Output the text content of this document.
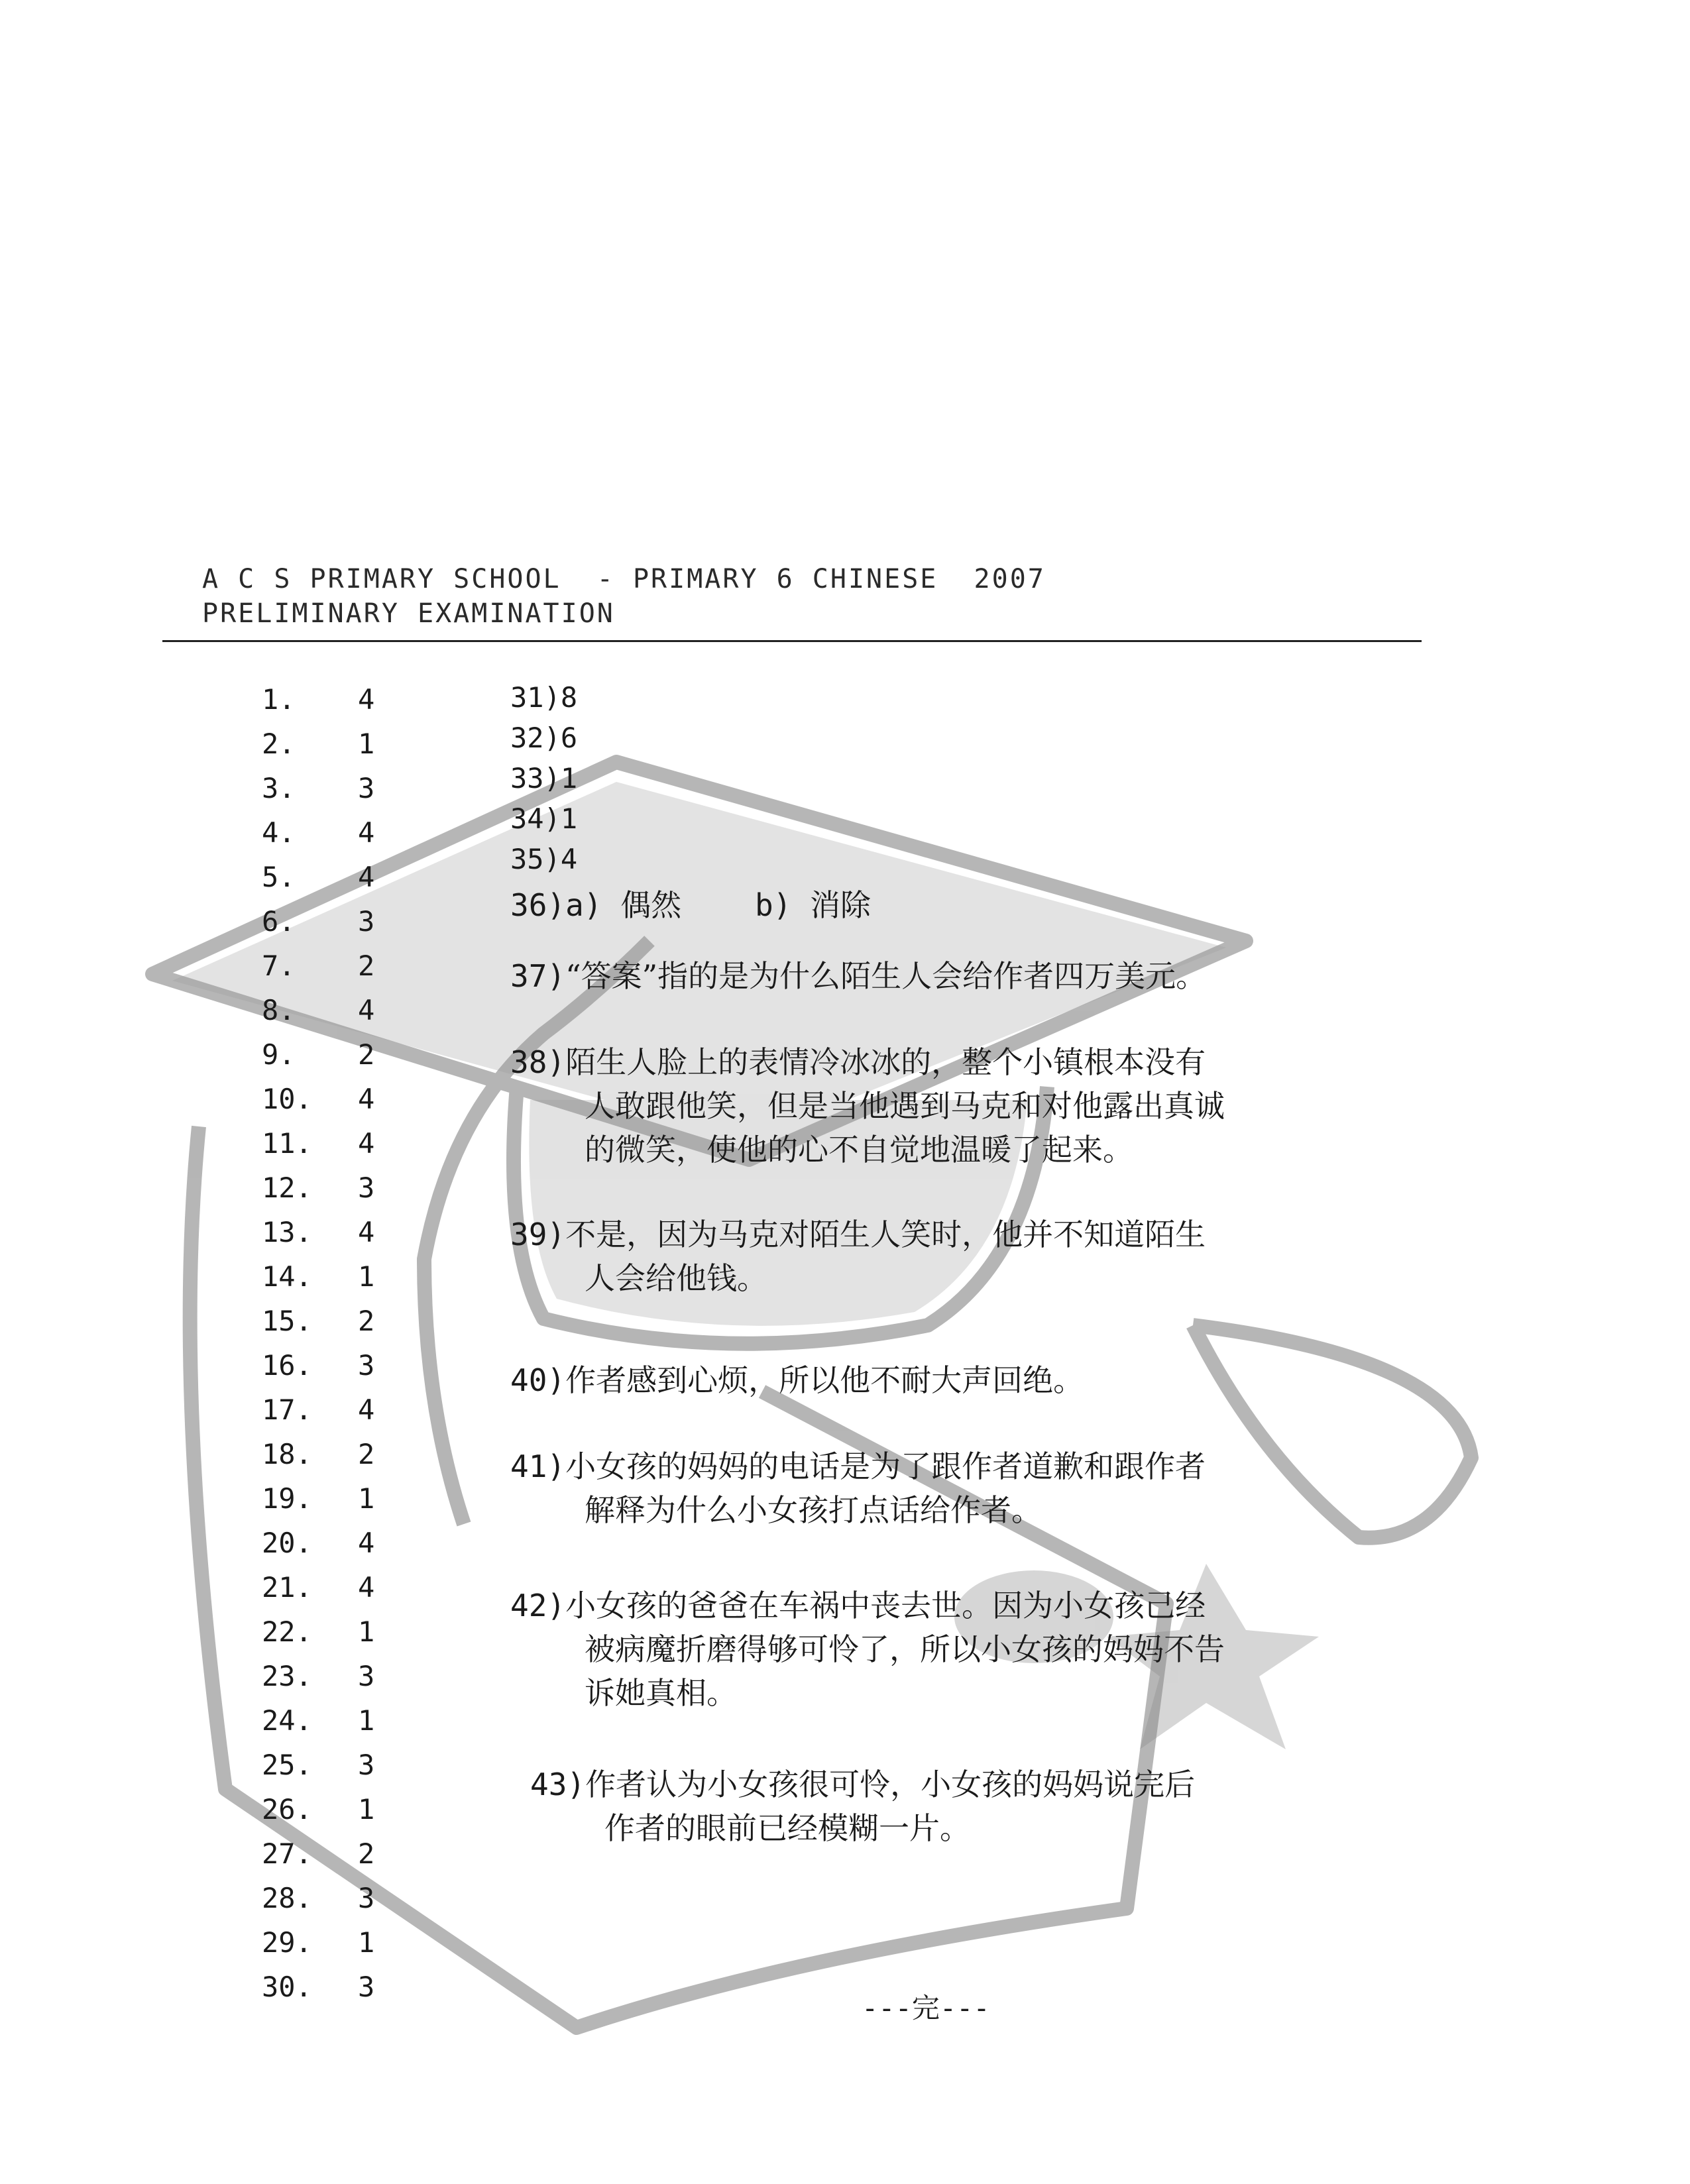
A C S PRIMARY SCHOOL  - PRIMARY 6 CHINESE  2007
PRELIMINARY EXAMINATION
1. 4
2. 1
3. 3
4. 4
5. 4
6. 3
7. 2
8. 4
9. 2
10. 4
11. 4
12. 3
13. 4
14. 1
15. 2
16. 3
17. 4
18. 2
19. 1
20. 4
21. 4
22. 1
23. 3
24. 1
25. 3
26. 1
27. 2
28. 3
29. 1
30. 3
31)8
32)6
33)1
34)1
35)4
36)a) 偶然 b) 消除
37)“答案”指的是为什么陌生人会给作者四万美元。
38)陌生人脸上的表情冷冰冰的，整个小镇根本没有
人敢跟他笑，但是当他遇到马克和对他露出真诚
的微笑，使他的心不自觉地温暖了起来。
39)不是，因为马克对陌生人笑时，他并不知道陌生
人会给他钱。
40)作者感到心烦，所以他不耐大声回绝。
41)小女孩的妈妈的电话是为了跟作者道歉和跟作者
解释为什么小女孩打点话给作者。
42)小女孩的爸爸在车祸中丧去世。因为小女孩己经
被病魔折磨得够可怜了，所以小女孩的妈妈不告
诉她真相。
43)作者认为小女孩很可怜，小女孩的妈妈说完后
作者的眼前已经模糊一片。
---完---
